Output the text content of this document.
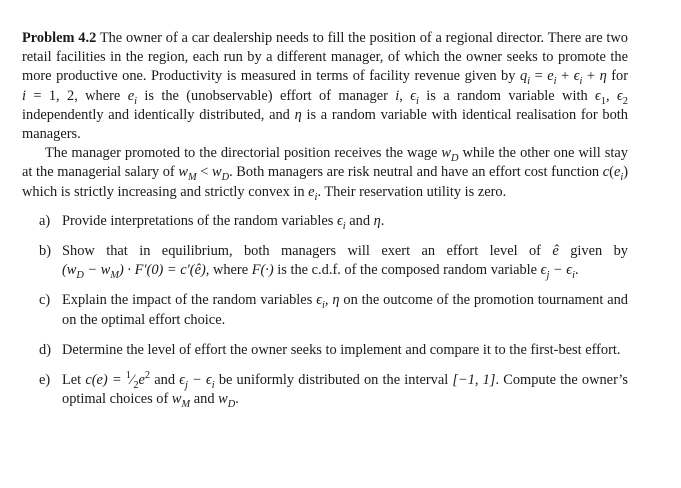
Problem 4.2 The owner of a car dealership needs to fill the position of a regional director. There are two retail facilities in the region, each run by a different manager, of which the owner seeks to promote the more productive one. Productivity is measured in terms of facility revenue given by $q_i = e_i + \epsilon_i + \eta$ for i = 1, 2, where $e_i$ is the (unobservable) effort of manager i, $\epsilon_i$ is a random variable with $\epsilon_1$, $\epsilon_2$ independently and identically distributed, and η is a random variable with identical realisation for both managers.

The manager promoted to the directorial position receives the wage $w_D$ while the other one will stay at the managerial salary of $w_M < w_D$. Both managers are risk neutral and have an effort cost function $c(e_i)$ which is strictly increasing and strictly convex in $e_i$. Their reservation utility is zero.

a) Provide interpretations of the random variables $\epsilon_i$ and η.
b) Show that in equilibrium, both managers will exert an effort level of ê given by $(w_D - w_M) \cdot F'(0)$ = c′(ê), where F(·) is the c.d.f. of the composed random variable $\epsilon_j - \epsilon_i$.
c) Explain the impact of the random variables $\epsilon_i$, η on the outcome of the promotion tournament and on the optimal effort choice.
d) Determine the level of effort the owner seeks to implement and compare it to the first-best effort.
e) Let $c(e) = ^1⁄_2e^2$ and $\epsilon_j - \epsilon_i$ be uniformly distributed on the interval [−1, 1]. Compute the owner’s optimal choices of $w_M$ and $w_D$.
